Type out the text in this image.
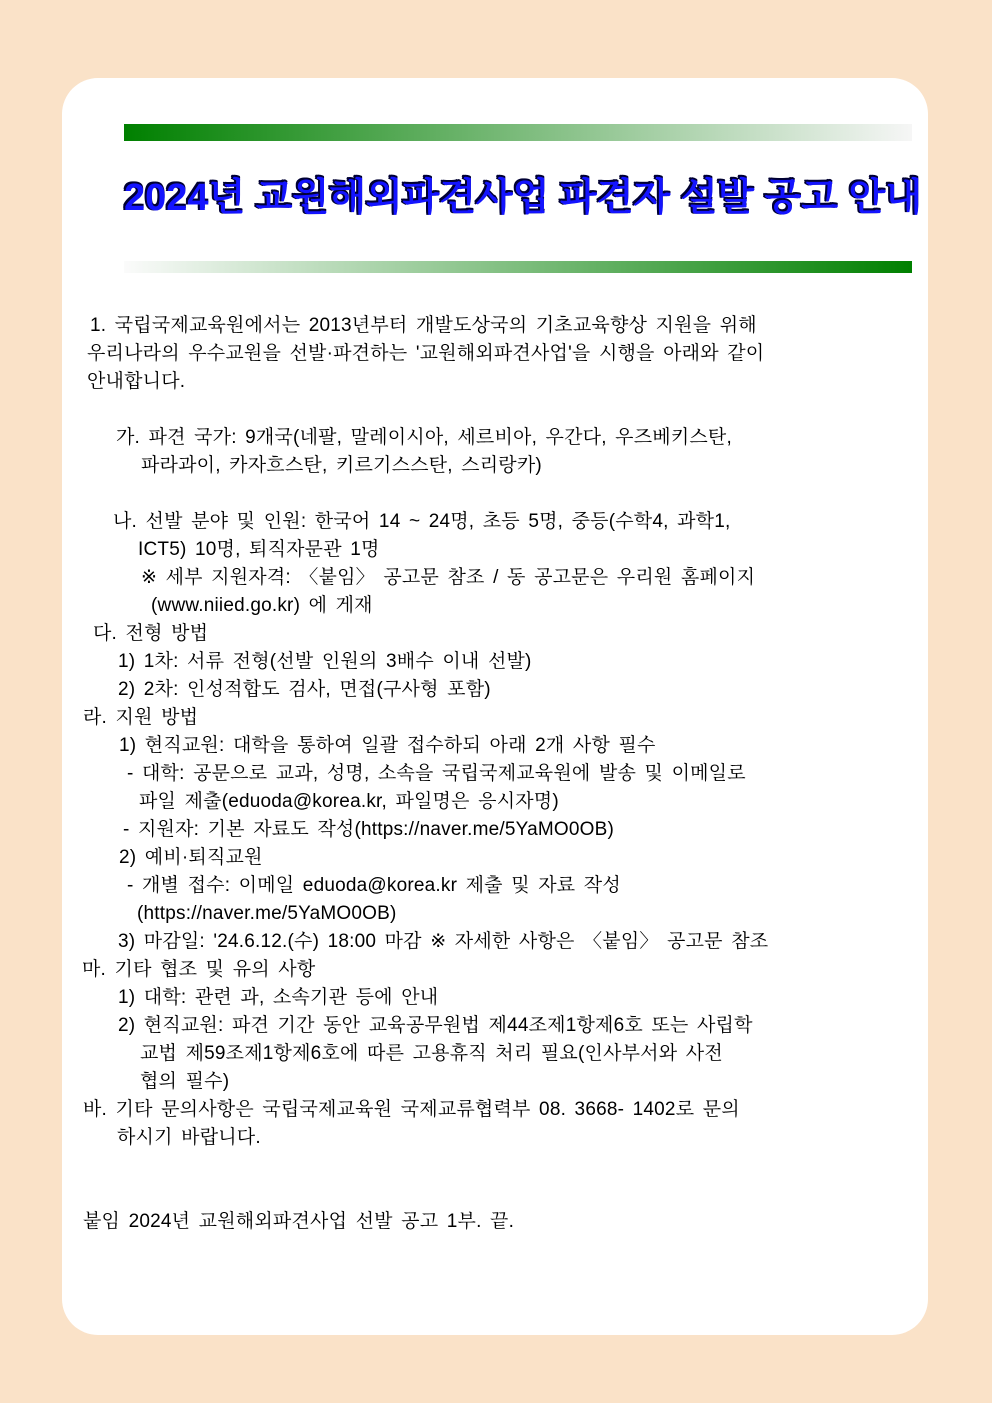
2024년 교원해외파견사업 파견자 설발 공고 안내
1. 국립국제교육원에서는 2013년부터 개발도상국의 기초교육향상 지원을 위해
우리나라의 우수교원을 선발·파견하는 '교원해외파견사업'을 시행을 아래와 같이
안내합니다.

가. 파견 국가: 9개국(네팔, 말레이시아, 세르비아, 우간다, 우즈베키스탄,
파라과이, 카자흐스탄, 키르기스스탄, 스리랑카)

나. 선발 분야 및 인원: 한국어 14 ~ 24명, 초등 5명, 중등(수학4, 과학1,
ICT5) 10명, 퇴직자문관 1명
※ 세부 지원자격: 〈붙임〉 공고문 참조 / 동 공고문은 우리원 홈페이지
(www.niied.go.kr) 에 게재
다. 전형 방법
1) 1차: 서류 전형(선발 인원의 3배수 이내 선발)
2) 2차: 인성적합도 검사, 면접(구사형 포함)
라. 지원 방법
1) 현직교원: 대학을 통하여 일괄 접수하되 아래 2개 사항 필수
- 대학: 공문으로 교과, 성명, 소속을 국립국제교육원에 발송 및 이메일로
파일 제출(eduoda@korea.kr, 파일명은 응시자명)
- 지원자: 기본 자료도 작성(https://naver.me/5YaMO0OB)
2) 예비·퇴직교원
- 개별 접수: 이메일 eduoda@korea.kr 제출 및 자료 작성
(https://naver.me/5YaMO0OB)
3) 마감일: '24.6.12.(수) 18:00 마감 ※ 자세한 사항은 〈붙임〉 공고문 참조
마. 기타 협조 및 유의 사항
1) 대학: 관련 과, 소속기관 등에 안내
2) 현직교원: 파견 기간 동안 교육공무원법 제44조제1항제6호 또는 사립학
교법 제59조제1항제6호에 따른 고용휴직 처리 필요(인사부서와 사전
협의 필수)
바. 기타 문의사항은 국립국제교육원 국제교류협력부 08. 3668- 1402로 문의
하시기 바랍니다.

붙임 2024년 교원해외파견사업 선발 공고 1부. 끝.
